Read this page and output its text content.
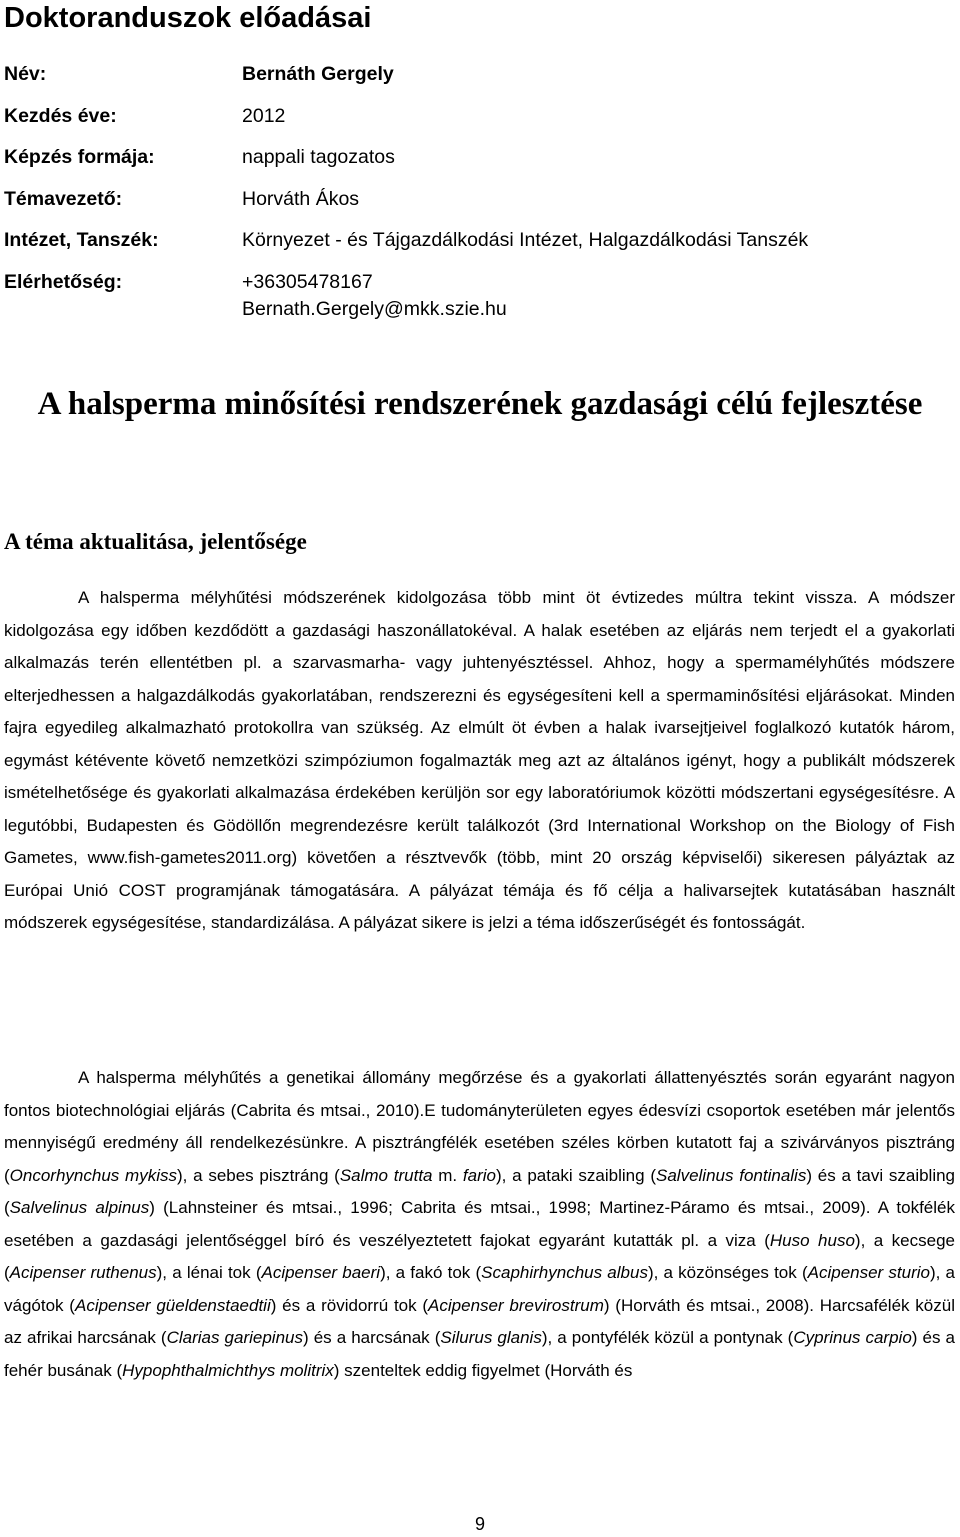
Doktoranduszok előadásai
Név:	Bernáth Gergely
Kezdés éve:	2012
Képzés formája:	nappali tagozatos
Témavezető:	Horváth Ákos
Intézet, Tanszék:	Környezet - és Tájgazdálkodási Intézet, Halgazdálkodási Tanszék
Elérhetőség:	+36305478167
Bernath.Gergely@mkk.szie.hu
A halsperma minősítési rendszerének gazdasági célú fejlesztése
A téma aktualitása, jelentősége

A halsperma mélyhűtési módszerének kidolgozása több mint öt évtizedes múltra tekint vissza. A módszer kidolgozása egy időben kezdődött a gazdasági haszonállatokéval. A halak esetében az eljárás nem terjedt el a gyakorlati alkalmazás terén ellentétben pl. a szarvasmarha- vagy juhtenyésztéssel. Ahhoz, hogy a spermamélyhűtés módszere elterjedhessen a halgazdálkodás gyakorlatában, rendszerezni és egységesíteni kell a spermaminősítési eljárásokat. Minden fajra egyedileg alkalmazható protokollra van szükség. Az elmúlt öt évben a halak ivarsejtjeivel foglalkozó kutatók három, egymást kétévente követő nemzetközi szimpóziumon fogalmazták meg azt az általános igényt, hogy a publikált módszerek ismételhetősége és gyakorlati alkalmazása érdekében kerüljön sor egy laboratóriumok közötti módszertani egységesítésre. A legutóbbi, Budapesten és Gödöllőn megrendezésre került találkozót (3rd International Workshop on the Biology of Fish Gametes, www.fish-gametes2011.org) követően a résztvevők (több, mint 20 ország képviselői) sikeresen pályáztak az Európai Unió COST programjának támogatására. A pályázat témája és fő célja a halivarsejtek kutatásában használt módszerek egységesítése, standardizálása. A pályázat sikere is jelzi a téma időszerűségét és fontosságát.

A halsperma mélyhűtés a genetikai állomány megőrzése és a gyakorlati állattenyésztés során egyaránt nagyon fontos biotechnológiai eljárás (Cabrita és mtsai., 2010).E tudományterületen egyes édesvízi csoportok esetében már jelentős mennyiségű eredmény áll rendelkezésünkre. A pisztrángfélék esetében széles körben kutatott faj a szivárványos pisztráng (Oncorhynchus mykiss), a sebes pisztráng (Salmo trutta m. fario), a pataki szaibling (Salvelinus fontinalis) és a tavi szaibling (Salvelinus alpinus) (Lahnsteiner és mtsai., 1996; Cabrita és mtsai., 1998; Martinez-Páramo és mtsai., 2009). A tokfélék esetében a gazdasági jelentőséggel bíró és veszélyeztetett fajokat egyaránt kutatták pl. a viza (Huso huso), a kecsege (Acipenser ruthenus), a lénai tok (Acipenser baeri), a fakó tok (Scaphirhynchus albus), a közönséges tok (Acipenser sturio), a vágótok (Acipenser güeldenstaedtii) és a rövidorrú tok (Acipenser brevirostrum) (Horváth és mtsai., 2008). Harcsafélék közül az afrikai harcsának (Clarias gariepinus) és a harcsának (Silurus glanis), a pontyfélék közül a pontynak (Cyprinus carpio) és a fehér busának (Hypophthalmichthys molitrix) szenteltek eddig figyelmet (Horváth és

9
